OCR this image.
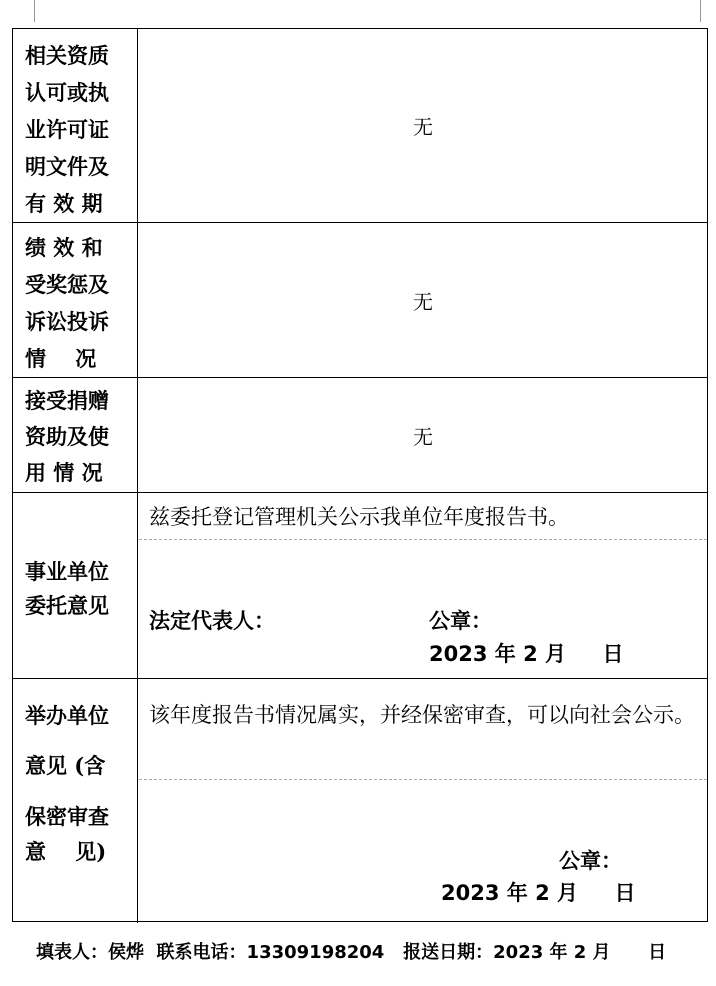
相关资质
认可或执
业许可证
明文件及
有 效 期
无
绩 效 和
受奖惩及
诉讼投诉
情    况
无
接受捐赠
资助及使
用 情 况
无
事业单位
委托意见
兹委托登记管理机关公示我单位年度报告书。
法定代表人：	公章：
2023 年 2 月     日
举办单位
意见 (含
保密审查
意    见)
该年度报告书情况属实，并经保密审查，可以向社会公示。
公章：
2023 年 2 月     日
填表人：侯烨 联系电话：13309198204 报送日期：2023 年 2 月      日
